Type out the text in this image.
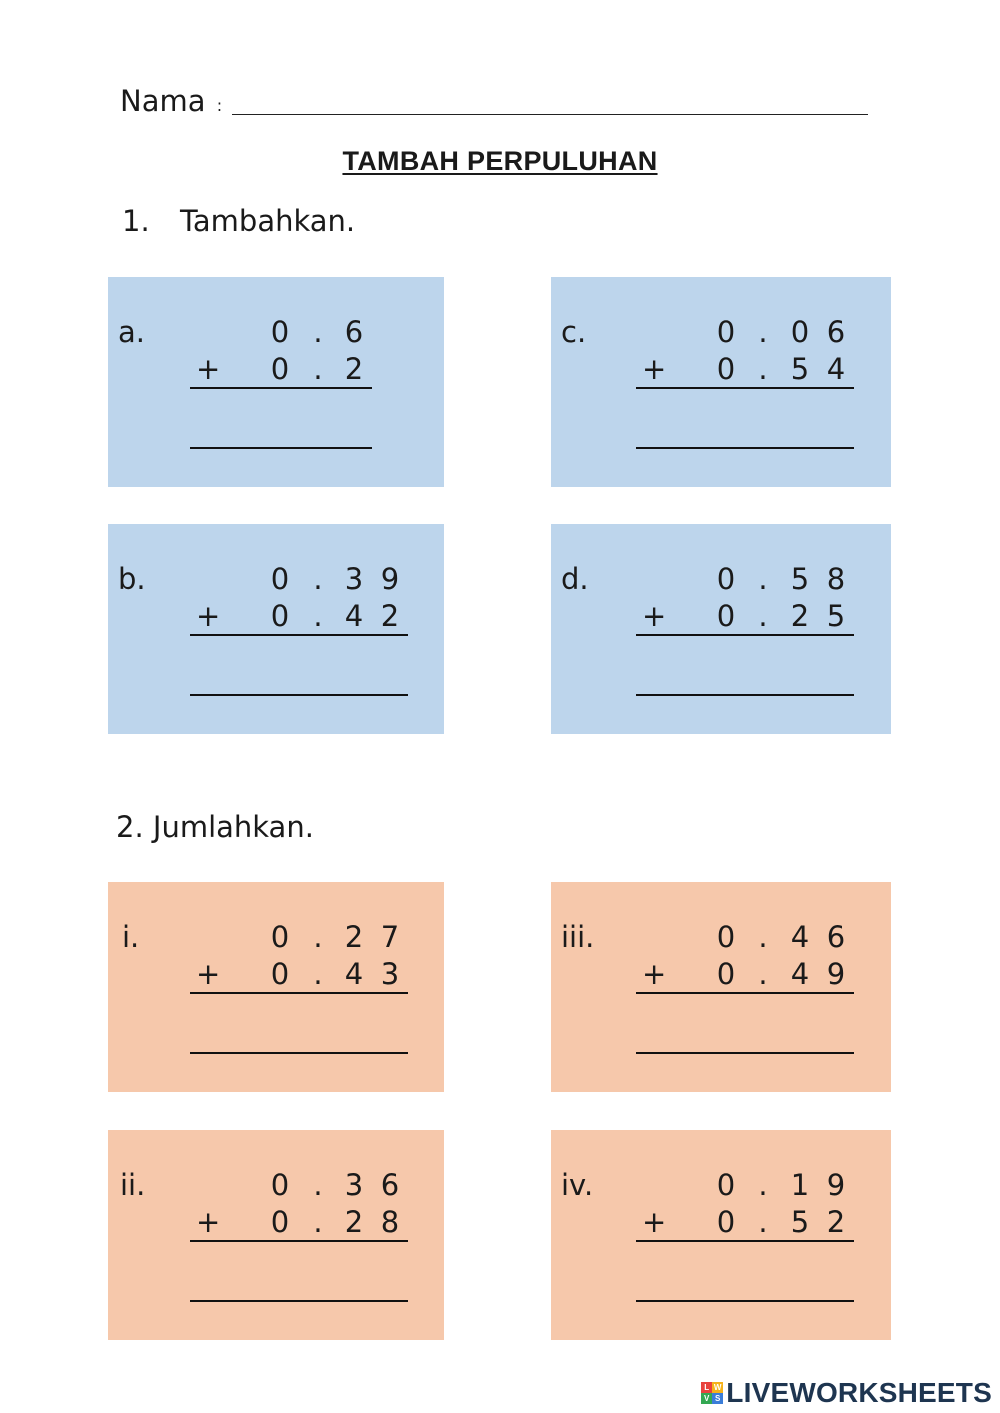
Nama :
TAMBAH PERPULUHAN
1. Tambahkan.
a.	0 . 6
+ 0 . 2
c.	0 . 0 6
+ 0 . 5 4
b.	0 . 3 9
+ 0 . 4 2
d.	0 . 5 8
+ 0 . 2 5
2. Jumlahkan.
i.	0 . 2 7
+ 0 . 4 3
iii.	0 . 4 6
+ 0 . 4 9
ii.	0 . 3 6
+ 0 . 2 8
iv.	0 . 1 9
+ 0 . 5 2
L W
V S LIVEWORKSHEETS
